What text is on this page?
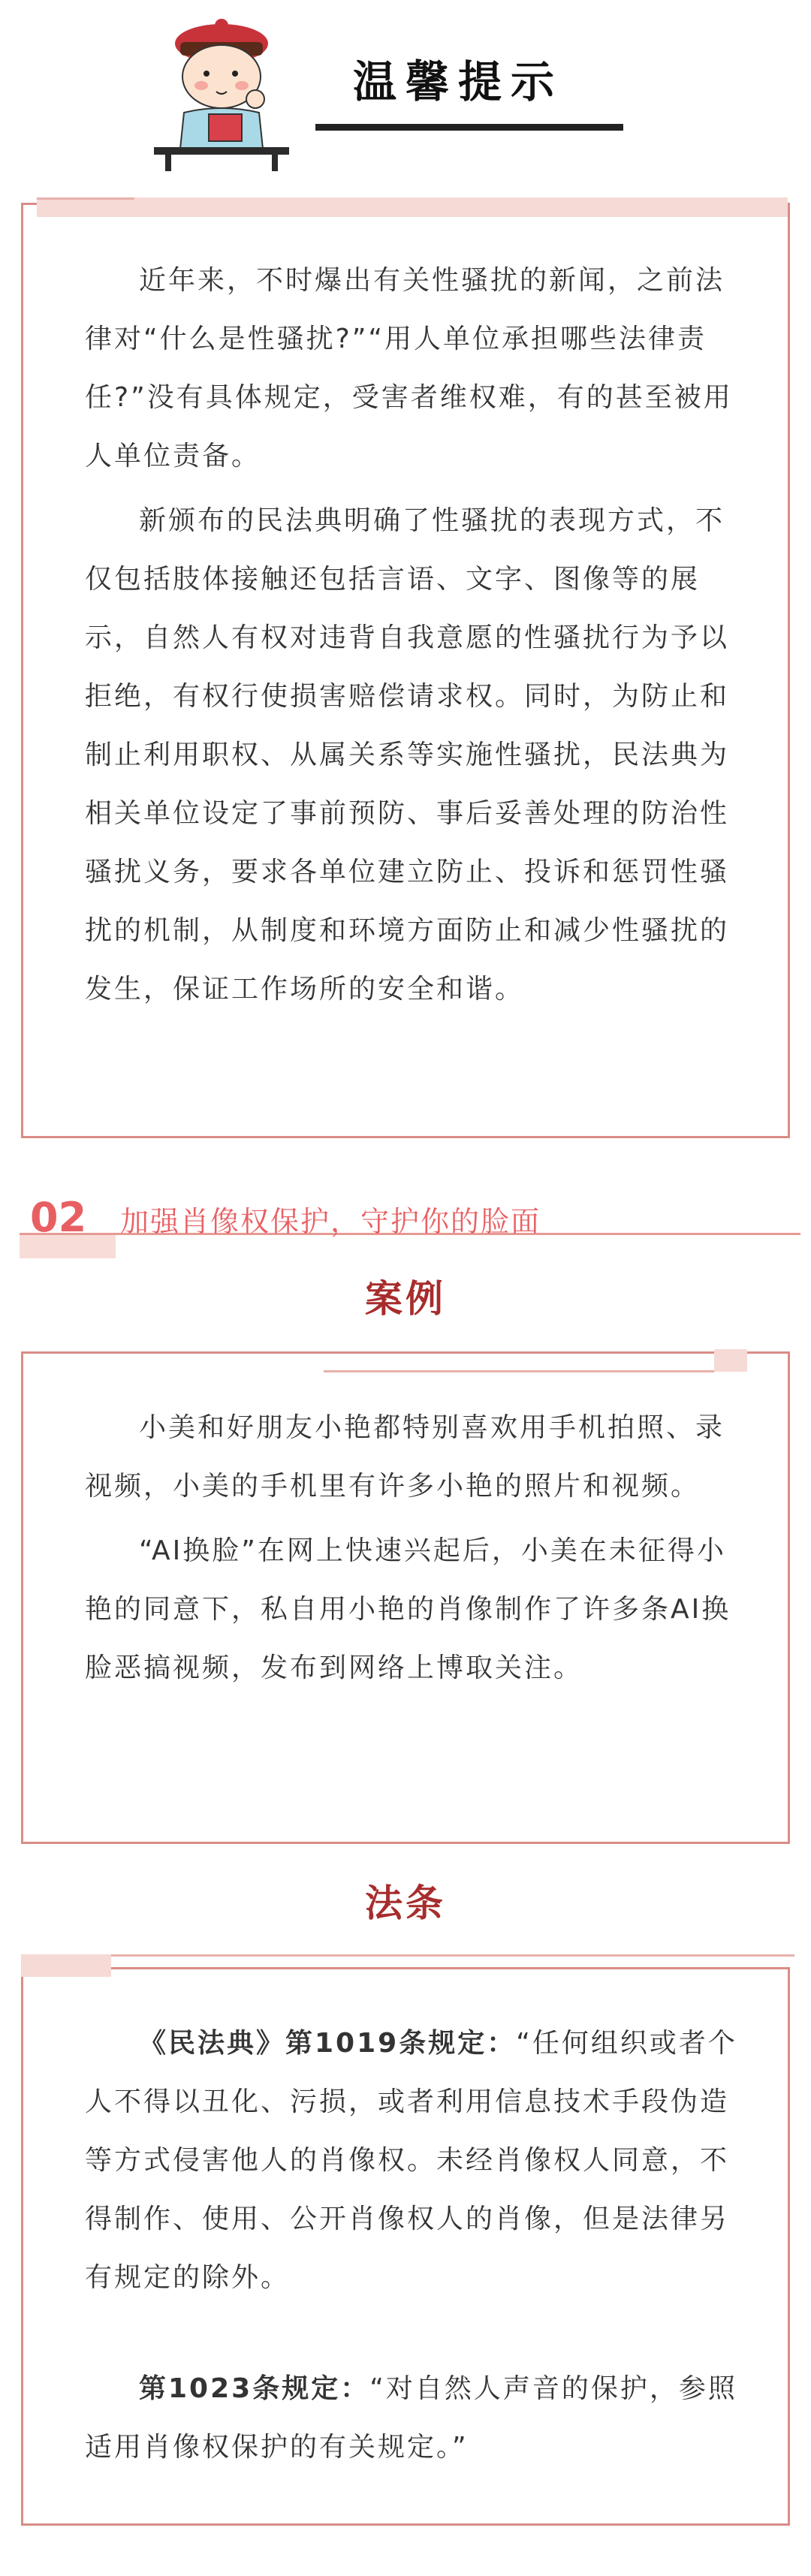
温馨提示

近年来，不时爆出有关性骚扰的新闻，之前法律对“什么是性骚扰?”“用人单位承担哪些法律责任?”没有具体规定，受害者维权难，有的甚至被用人单位责备。

新颁布的民法典明确了性骚扰的表现方式，不仅包括肢体接触还包括言语、文字、图像等的展示，自然人有权对违背自我意愿的性骚扰行为予以拒绝，有权行使损害赔偿请求权。同时，为防止和制止利用职权、从属关系等实施性骚扰，民法典为相关单位设定了事前预防、事后妥善处理的防治性骚扰义务，要求各单位建立防止、投诉和惩罚性骚扰的机制，从制度和环境方面防止和减少性骚扰的发生，保证工作场所的安全和谐。

02 加强肖像权保护，守护你的脸面
案例

小美和好朋友小艳都特别喜欢用手机拍照、录视频，小美的手机里有许多小艳的照片和视频。

“AI换脸”在网上快速兴起后，小美在未征得小艳的同意下，私自用小艳的肖像制作了许多条AI换脸恶搞视频，发布到网络上博取关注。

法条

《民法典》第1019条规定：“任何组织或者个人不得以丑化、污损，或者利用信息技术手段伪造等方式侵害他人的肖像权。未经肖像权人同意，不得制作、使用、公开肖像权人的肖像，但是法律另有规定的除外。

第1023条规定：“对自然人声音的保护，参照适用肖像权保护的有关规定。”
